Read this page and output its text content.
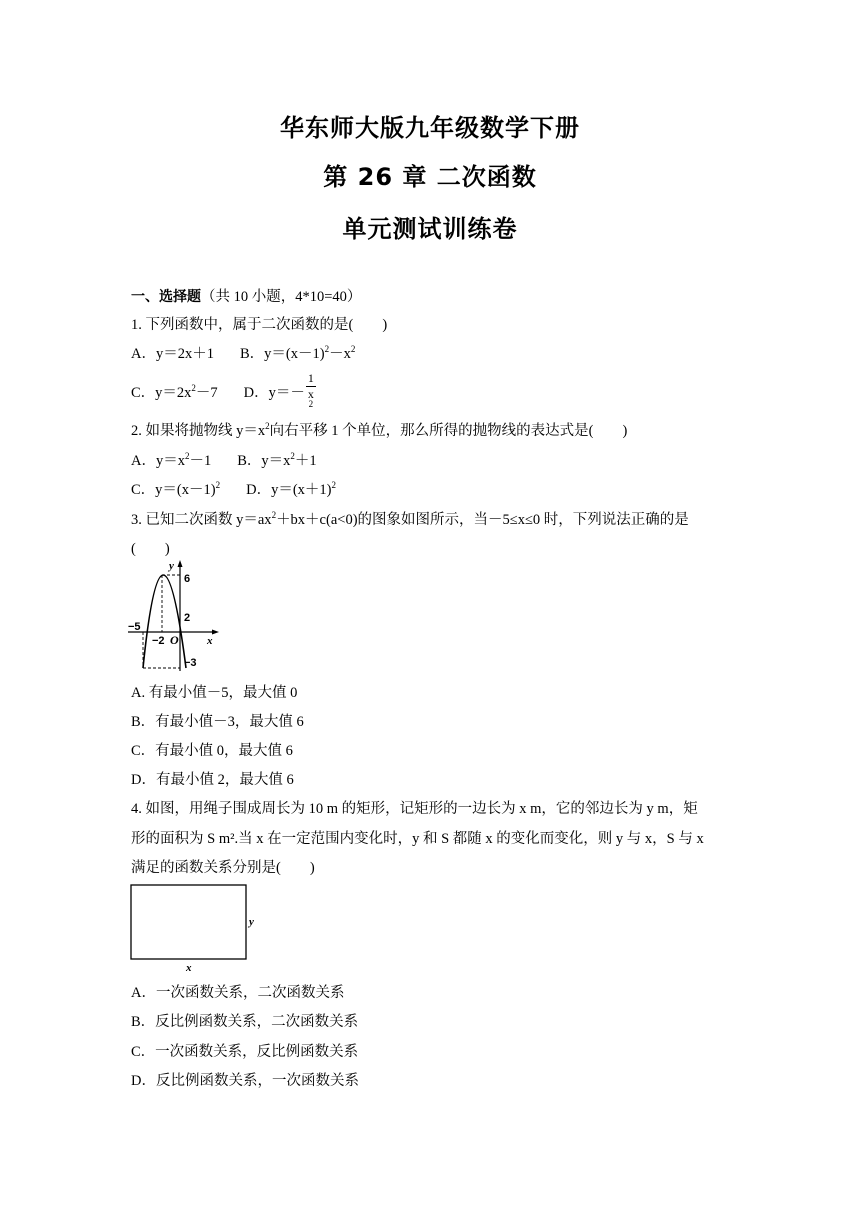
华东师大版九年级数学下册
第 26 章 二次函数
单元测试训练卷
一、选择题（共 10 小题，4*10=40）
1. 下列函数中，属于二次函数的是(　　)
A．y＝2x＋1 B．$y=(x-1)^2-x^2$
C．$y=2x^2-7$ D．y＝－ 1
x
$^2$
2. 如果将抛物线 $y=x^2$向右平移 1 个单位，那么所得的抛物线的表达式是(　　)
A．$y=x^2-1$ B．$y=x^2+1$
C．$y=(x-1)^2$ D．$y=(x+1)^2$
3. 已知二次函数 $y=ax^2+bx+c(a<0)$的图象如图所示，当－5≤x≤0 时，下列说法正确的是
(　　)
y
6
2
−5
−2 O	x
−3
A. 有最小值－5，最大值 0
B．有最小值－3，最大值 6
C．有最小值 0，最大值 6
D．有最小值 2，最大值 6
4. 如图，用绳子围成周长为 10 m 的矩形，记矩形的一边长为 x m，它的邻边长为 y m，矩
形的面积为 S m².当 x 在一定范围内变化时，y 和 S 都随 x 的变化而变化，则 y 与 x，S 与 x
满足的函数关系分别是(　　)
y
x
A．一次函数关系，二次函数关系
B．反比例函数关系，二次函数关系
C．一次函数关系，反比例函数关系
D．反比例函数关系，一次函数关系
